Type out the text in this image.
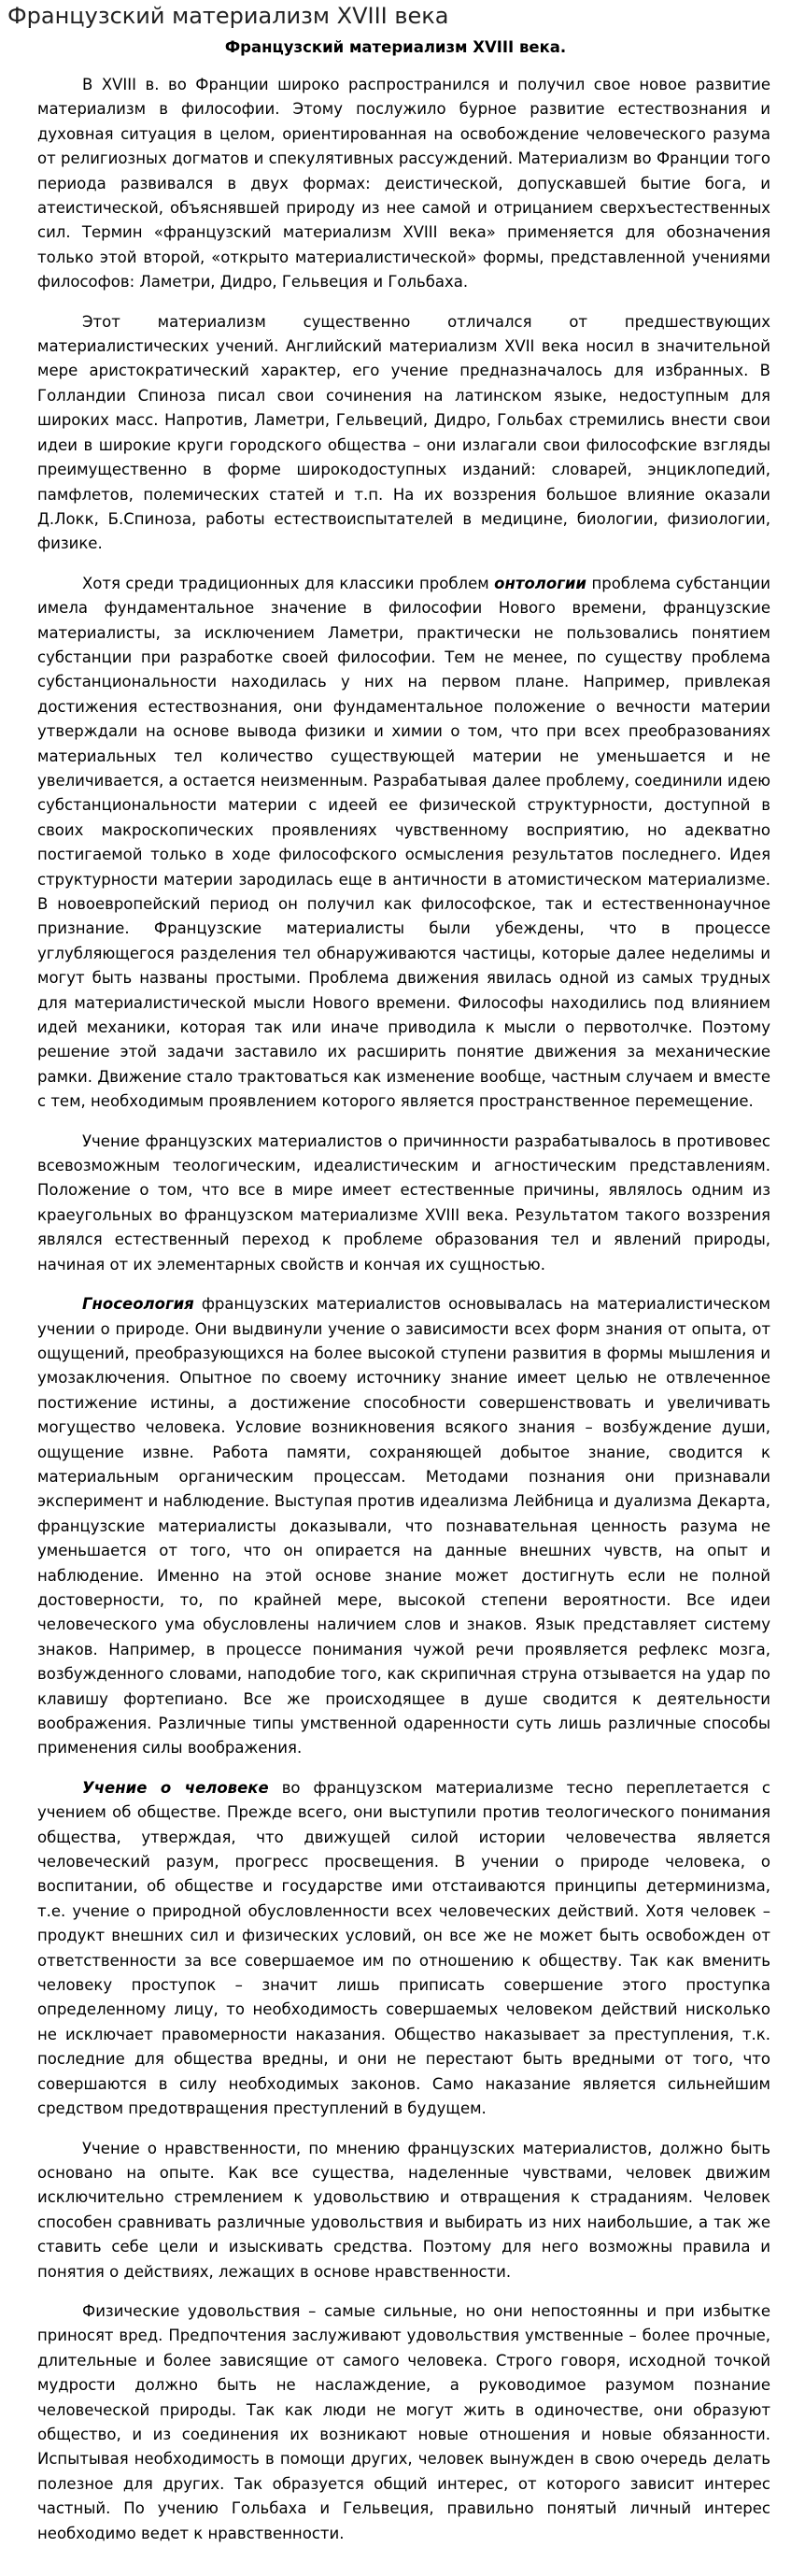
Французский материализм XVIII века
Французский материализм XVIII века.

В XVIII в. во Франции широко распространился и получил свое новое развитие материализм в философии. Этому послужило бурное развитие естествознания и духовная ситуация в целом, ориентированная на освобождение человеческого разума от религиозных догматов и спекулятивных рассуждений. Материализм во Франции того периода развивался в двух формах: деистической, допускавшей бытие бога, и атеистической, объяснявшей природу из нее самой и отрицанием сверхъестественных сил. Термин «французский материализм XVIII века» применяется для обозначения только этой второй, «открыто материалистической» формы, представленной учениями философов: Ламетри, Дидро, Гельвеция и Гольбаха.

Этот материализм существенно отличался от предшествующих материалистических учений. Английский материализм XVII века носил в значительной мере аристократический характер, его учение предназначалось для избранных. В Голландии Спиноза писал свои сочинения на латинском языке, недоступным для широких масс. Напротив, Ламетри, Гельвеций, Дидро, Гольбах стремились внести свои идеи в широкие круги городского общества – они излагали свои философские взгляды преимущественно в форме широкодоступных изданий: словарей, энциклопедий, памфлетов, полемических статей и т.п. На их воззрения большое влияние оказали Д.Локк, Б.Спиноза, работы естествоиспытателей в медицине, биологии, физиологии, физике.

Хотя среди традиционных для классики проблем онтологии проблема субстанции имела фундаментальное значение в философии Нового времени, французские материалисты, за исключением Ламетри, практически не пользовались понятием субстанции при разработке своей философии. Тем не менее, по существу проблема субстанциональности находилась у них на первом плане. Например, привлекая достижения естествознания, они фундаментальное положение о вечности материи утверждали на основе вывода физики и химии о том, что при всех преобразованиях материальных тел количество существующей материи не уменьшается и не увеличивается, а остается неизменным. Разрабатывая далее проблему, соединили идею субстанциональности материи с идеей ее физической структурности, доступной в своих макроскопических проявлениях чувственному восприятию, но адекватно постигаемой только в ходе философского осмысления результатов последнего. Идея структурности материи зародилась еще в античности в атомистическом материализме. В новоевропейский период он получил как философское, так и естественнонаучное признание. Французские материалисты были убеждены, что в процессе углубляющегося разделения тел обнаруживаются частицы, которые далее неделимы и могут быть названы простыми. Проблема движения явилась одной из самых трудных для материалистической мысли Нового времени. Философы находились под влиянием идей механики, которая так или иначе приводила к мысли о первотолчке. Поэтому решение этой задачи заставило их расширить понятие движения за механические рамки. Движение стало трактоваться как изменение вообще, частным случаем и вместе с тем, необходимым проявлением которого является пространственное перемещение.

Учение французских материалистов о причинности разрабатывалось в противовес всевозможным теологическим, идеалистическим и агностическим представлениям. Положение о том, что все в мире имеет естественные причины, являлось одним из краеугольных во французском материализме XVIII века. Результатом такого воззрения являлся естественный переход к проблеме образования тел и явлений природы, начиная от их элементарных свойств и кончая их сущностью.

Гносеология французских материалистов основывалась на материалистическом учении о природе. Они выдвинули учение о зависимости всех форм знания от опыта, от ощущений, преобразующихся на более высокой ступени развития в формы мышления и умозаключения. Опытное по своему источнику знание имеет целью не отвлеченное постижение истины, а достижение способности совершенствовать и увеличивать могущество человека. Условие возникновения всякого знания – возбуждение души, ощущение извне. Работа памяти, сохраняющей добытое знание, сводится к материальным органическим процессам. Методами познания они признавали эксперимент и наблюдение. Выступая против идеализма Лейбница и дуализма Декарта, французские материалисты доказывали, что познавательная ценность разума не уменьшается от того, что он опирается на данные внешних чувств, на опыт и наблюдение. Именно на этой основе знание может достигнуть если не полной достоверности, то, по крайней мере, высокой степени вероятности. Все идеи человеческого ума обусловлены наличием слов и знаков. Язык представляет систему знаков. Например, в процессе понимания чужой речи проявляется рефлекс мозга, возбужденного словами, наподобие того, как скрипичная струна отзывается на удар по клавишу фортепиано. Все же происходящее в душе сводится к деятельности воображения. Различные типы умственной одаренности суть лишь различные способы применения силы воображения.

Учение о человеке во французском материализме тесно переплетается с учением об обществе. Прежде всего, они выступили против теологического понимания общества, утверждая, что движущей силой истории человечества является человеческий разум, прогресс просвещения. В учении о природе человека, о воспитании, об обществе и государстве ими отстаиваются принципы детерминизма, т.е. учение о природной обусловленности всех человеческих действий. Хотя человек – продукт внешних сил и физических условий, он все же не может быть освобожден от ответственности за все совершаемое им по отношению к обществу. Так как вменить человеку проступок – значит лишь приписать совершение этого проступка определенному лицу, то необходимость совершаемых человеком действий нисколько не исключает правомерности наказания. Общество наказывает за преступления, т.к. последние для общества вредны, и они не перестают быть вредными от того, что совершаются в силу необходимых законов. Само наказание является сильнейшим средством предотвращения преступлений в будущем.

Учение о нравственности, по мнению французских материалистов, должно быть основано на опыте. Как все существа, наделенные чувствами, человек движим исключительно стремлением к удовольствию и отвращения к страданиям. Человек способен сравнивать различные удовольствия и выбирать из них наибольшие, а так же ставить себе цели и изыскивать средства. Поэтому для него возможны правила и понятия о действиях, лежащих в основе нравственности.

Физические удовольствия – самые сильные, но они непостоянны и при избытке приносят вред. Предпочтения заслуживают удовольствия умственные – более прочные, длительные и более зависящие от самого человека. Строго говоря, исходной точкой мудрости должно быть не наслаждение, а руководимое разумом познание человеческой природы. Так как люди не могут жить в одиночестве, они образуют общество, и из соединения их возникают новые отношения и новые обязанности. Испытывая необходимость в помощи других, человек вынужден в свою очередь делать полезное для других. Так образуется общий интерес, от которого зависит интерес частный. По учению Гольбаха и Гельвеция, правильно понятый личный интерес необходимо ведет к нравственности.
